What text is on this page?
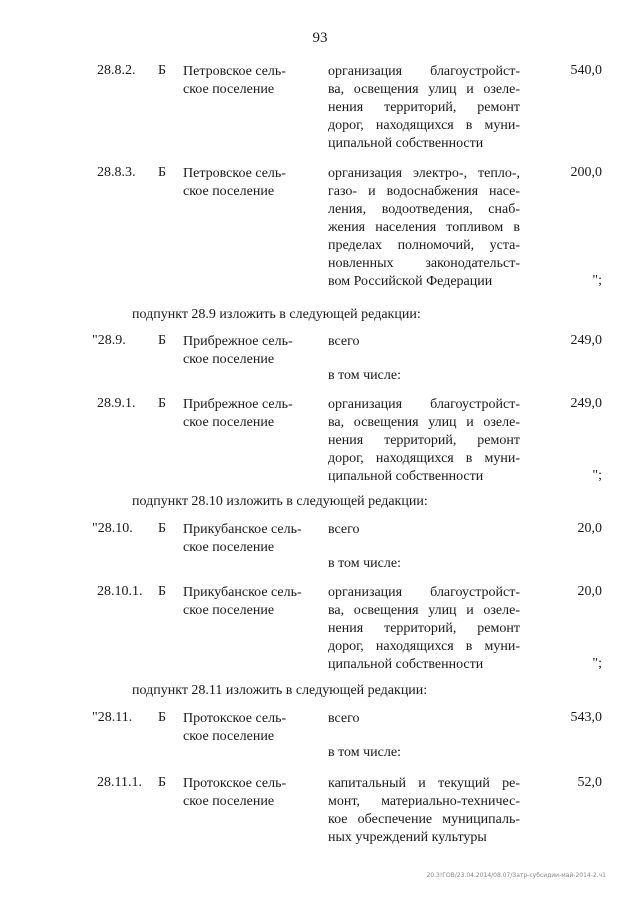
93
28.8.2. Б Петровское сель-
ское поселение
организация благоустройст-
ва, освещения улиц и озеле-
нения территорий, ремонт
дорог, находящихся в муни-
ципальной собственности
540,0
28.8.3. Б Петровское сель-
ское поселение
организация электро-, тепло-,
газо- и водоснабжения насе-
ления, водоотведения, снаб-
жения населения топливом в
пределах полномочий, уста-
новленных законодательст-
вом Российской Федерации
200,0
";
подпункт 28.9 изложить в следующей редакции:
"28.9. Б Прибрежное сель-
ское поселение
всего
в том числе:
249,0
28.9.1. Б Прибрежное сель-
ское поселение
организация благоустройст-
ва, освещения улиц и озеле-
нения территорий, ремонт
дорог, находящихся в муни-
ципальной собственности
249,0
";
подпункт 28.10 изложить в следующей редакции:
"28.10. Б Прикубанское сель-
ское поселение
всего
в том числе:
20,0
28.10.1. Б Прикубанское сель-
ское поселение
организация благоустройст-
ва, освещения улиц и озеле-
нения территорий, ремонт
дорог, находящихся в муни-
ципальной собственности
20,0
";
подпункт 28.11 изложить в следующей редакции:
"28.11. Б Протокское сель-
ское поселение
всего
в том числе:
543,0
28.11.1. Б Протокское сель-
ское поселение
капитальный и текущий ре-
монт, материально-техничес-
кое обеспечение муниципаль-
ных учреждений культуры
52,0
20.3!ГОВ/23.04.2014/08.07/Затр-субсидии-май-2014-2.ч1
